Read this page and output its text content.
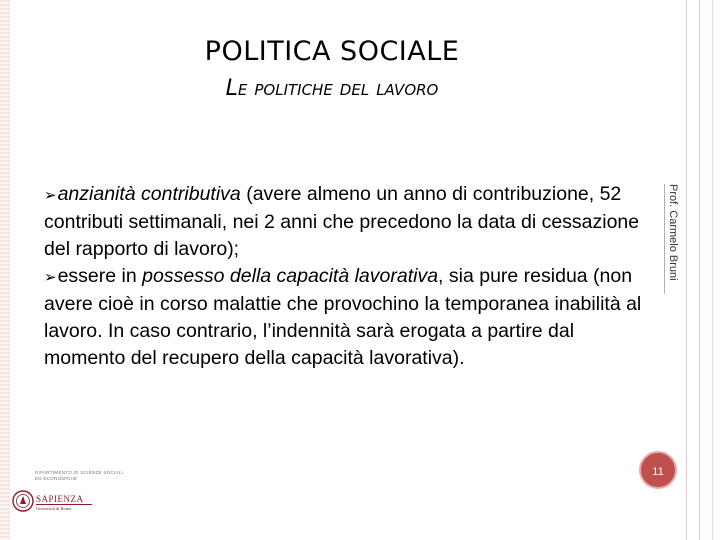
POLITICA SOCIALE
Le politiche del lavoro
Prof. Carmelo Bruni
➢anzianità contributiva (avere almeno un anno di contribuzione, 52 contributi settimanali, nei 2 anni che precedono la data di cessazione del rapporto di lavoro);
➢essere in possesso della capacità lavorativa, sia pure residua (non avere cioè in corso malattie che provochino la temporanea inabilità al lavoro. In caso contrario, l’indennità sarà erogata a partire dal momento del recupero della capacità lavorativa).
11
DIPARTIMENTO DI SCIENZE SOCIALI ED ECONOMICHE
SAPIENZA
Università di Roma
